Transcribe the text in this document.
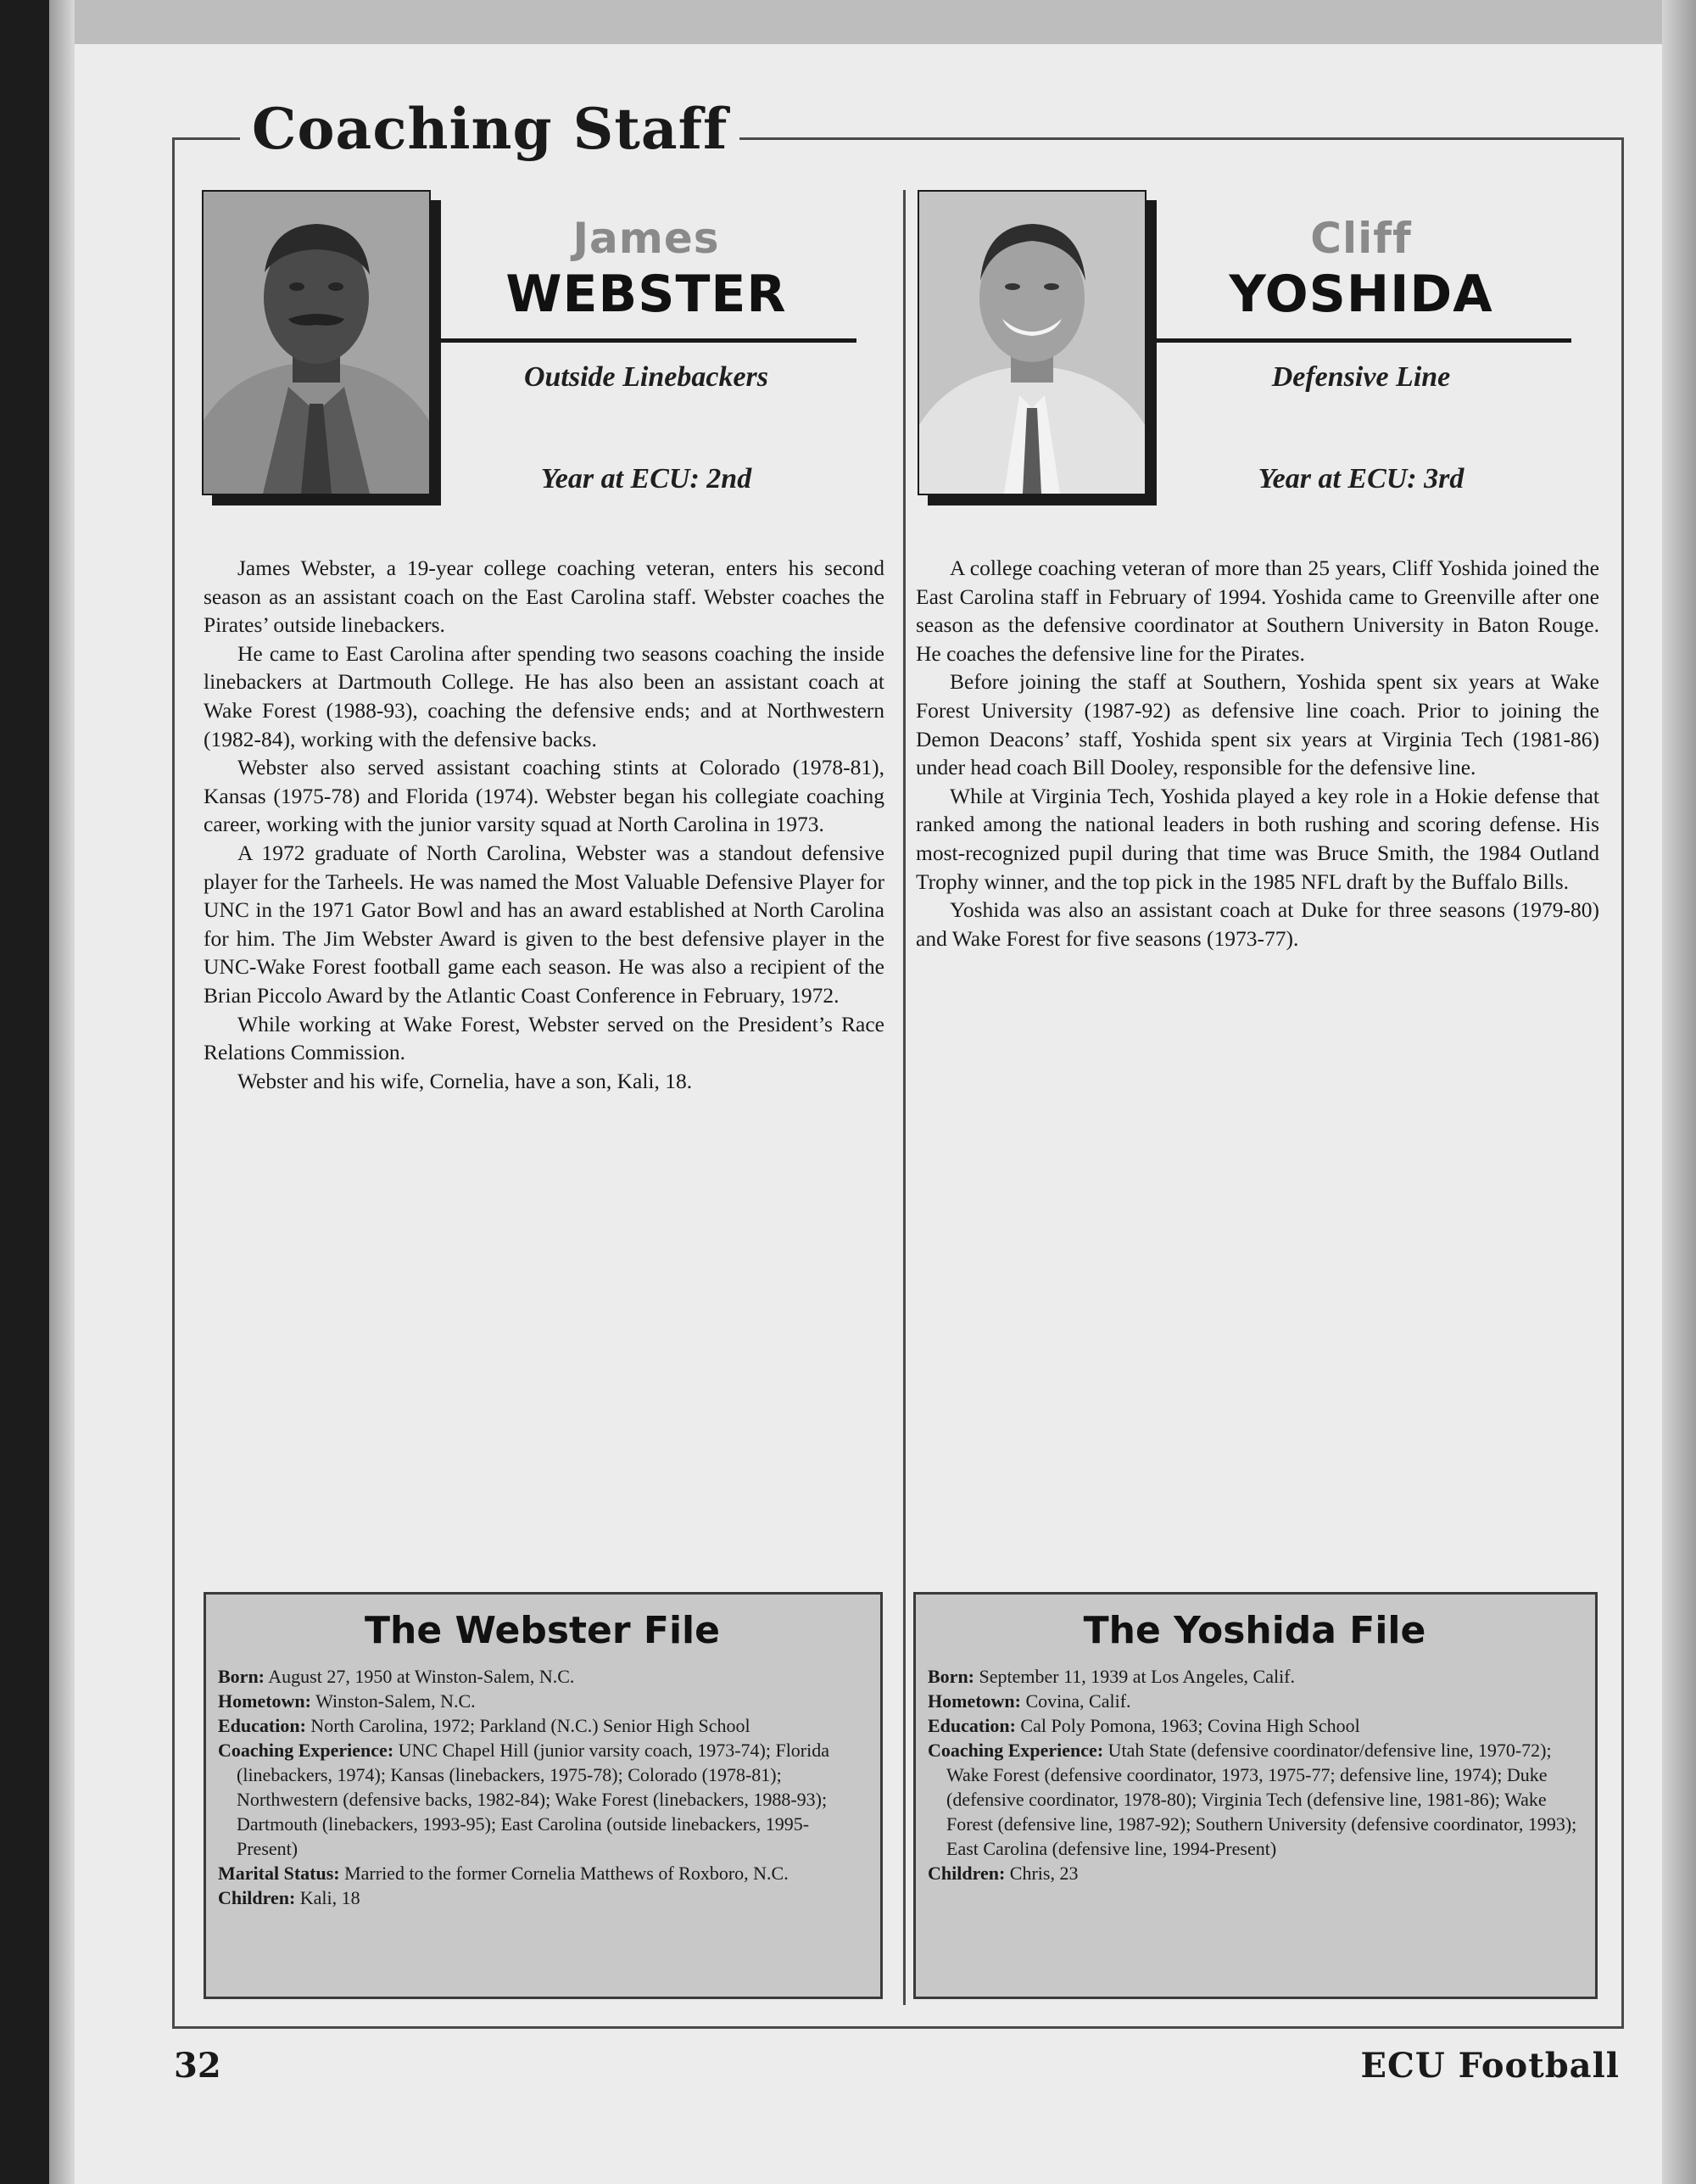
Coaching Staff
James
WEBSTER
Outside Linebackers
Year at ECU: 2nd

James Webster, a 19-year college coaching veteran, enters his second season as an assistant coach on the East Carolina staff. Webster coaches the Pirates’ outside linebackers.

He came to East Carolina after spending two seasons coaching the inside linebackers at Dartmouth College. He has also been an assistant coach at Wake Forest (1988-93), coaching the defensive ends; and at Northwestern (1982-84), working with the defensive backs.

Webster also served assistant coaching stints at Colorado (1978-81), Kansas (1975-78) and Florida (1974). Webster began his collegiate coaching career, working with the junior varsity squad at North Carolina in 1973.

A 1972 graduate of North Carolina, Webster was a standout defensive player for the Tarheels. He was named the Most Valuable Defensive Player for UNC in the 1971 Gator Bowl and has an award established at North Carolina for him. The Jim Webster Award is given to the best defensive player in the UNC-Wake Forest football game each season. He was also a recipient of the Brian Piccolo Award by the Atlantic Coast Conference in February, 1972.

While working at Wake Forest, Webster served on the President’s Race Relations Commission.

Webster and his wife, Cornelia, have a son, Kali, 18.

The Webster File
Born: August 27, 1950 at Winston-Salem, N.C.
Hometown: Winston-Salem, N.C.
Education: North Carolina, 1972; Parkland (N.C.) Senior High School
Coaching Experience: UNC Chapel Hill (junior varsity coach, 1973-74); Florida (linebackers, 1974); Kansas (linebackers, 1975-78); Colorado (1978-81); Northwestern (defensive backs, 1982-84); Wake Forest (linebackers, 1988-93); Dartmouth (linebackers, 1993-95); East Carolina (outside linebackers, 1995-Present)
Marital Status: Married to the former Cornelia Matthews of Roxboro, N.C.
Children: Kali, 18
Cliff
YOSHIDA
Defensive Line
Year at ECU: 3rd

A college coaching veteran of more than 25 years, Cliff Yoshida joined the East Carolina staff in February of 1994. Yoshida came to Greenville after one season as the defensive coordinator at Southern University in Baton Rouge. He coaches the defensive line for the Pirates.

Before joining the staff at Southern, Yoshida spent six years at Wake Forest University (1987-92) as defensive line coach. Prior to joining the Demon Deacons’ staff, Yoshida spent six years at Virginia Tech (1981-86) under head coach Bill Dooley, responsible for the defensive line.

While at Virginia Tech, Yoshida played a key role in a Hokie defense that ranked among the national leaders in both rushing and scoring defense. His most-recognized pupil during that time was Bruce Smith, the 1984 Outland Trophy winner, and the top pick in the 1985 NFL draft by the Buffalo Bills.

Yoshida was also an assistant coach at Duke for three seasons (1979-80) and Wake Forest for five seasons (1973-77).

The Yoshida File
Born: September 11, 1939 at Los Angeles, Calif.
Hometown: Covina, Calif.
Education: Cal Poly Pomona, 1963; Covina High School
Coaching Experience: Utah State (defensive coordinator/defensive line, 1970-72); Wake Forest (defensive coordinator, 1973, 1975-77; defensive line, 1974); Duke (defensive coordinator, 1978-80); Virginia Tech (defensive line, 1981-86); Wake Forest (defensive line, 1987-92); Southern University (defensive coordinator, 1993); East Carolina (defensive line, 1994-Present)
Children: Chris, 23
32	ECU Football
